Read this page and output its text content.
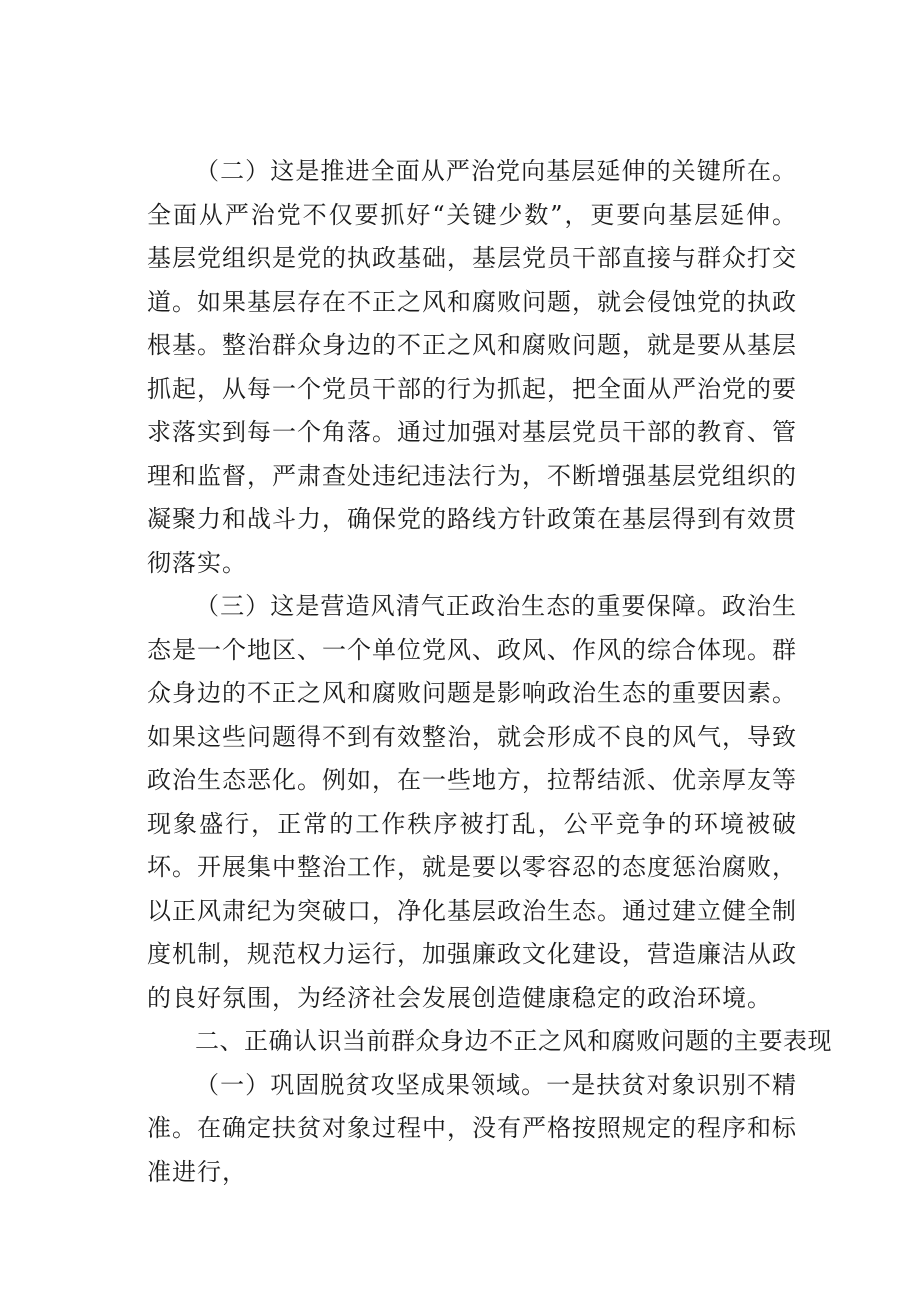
（二）这是推进全面从严治党向基层延伸的关键所在。全面从严治党不仅要抓好“关键少数”，更要向基层延伸。基层党组织是党的执政基础，基层党员干部直接与群众打交道。如果基层存在不正之风和腐败问题，就会侵蚀党的执政根基。整治群众身边的不正之风和腐败问题，就是要从基层抓起，从每一个党员干部的行为抓起，把全面从严治党的要求落实到每一个角落。通过加强对基层党员干部的教育、管理和监督，严肃查处违纪违法行为，不断增强基层党组织的凝聚力和战斗力，确保党的路线方针政策在基层得到有效贯彻落实。

（三）这是营造风清气正政治生态的重要保障。政治生态是一个地区、一个单位党风、政风、作风的综合体现。群众身边的不正之风和腐败问题是影响政治生态的重要因素。如果这些问题得不到有效整治，就会形成不良的风气，导致政治生态恶化。例如，在一些地方，拉帮结派、优亲厚友等现象盛行，正常的工作秩序被打乱，公平竞争的环境被破坏。开展集中整治工作，就是要以零容忍的态度惩治腐败，以正风肃纪为突破口，净化基层政治生态。通过建立健全制度机制，规范权力运行，加强廉政文化建设，营造廉洁从政的良好氛围，为经济社会发展创造健康稳定的政治环境。

二、正确认识当前群众身边不正之风和腐败问题的主要表现

（一）巩固脱贫攻坚成果领域。一是扶贫对象识别不精准。在确定扶贫对象过程中，没有严格按照规定的程序和标准进行，
